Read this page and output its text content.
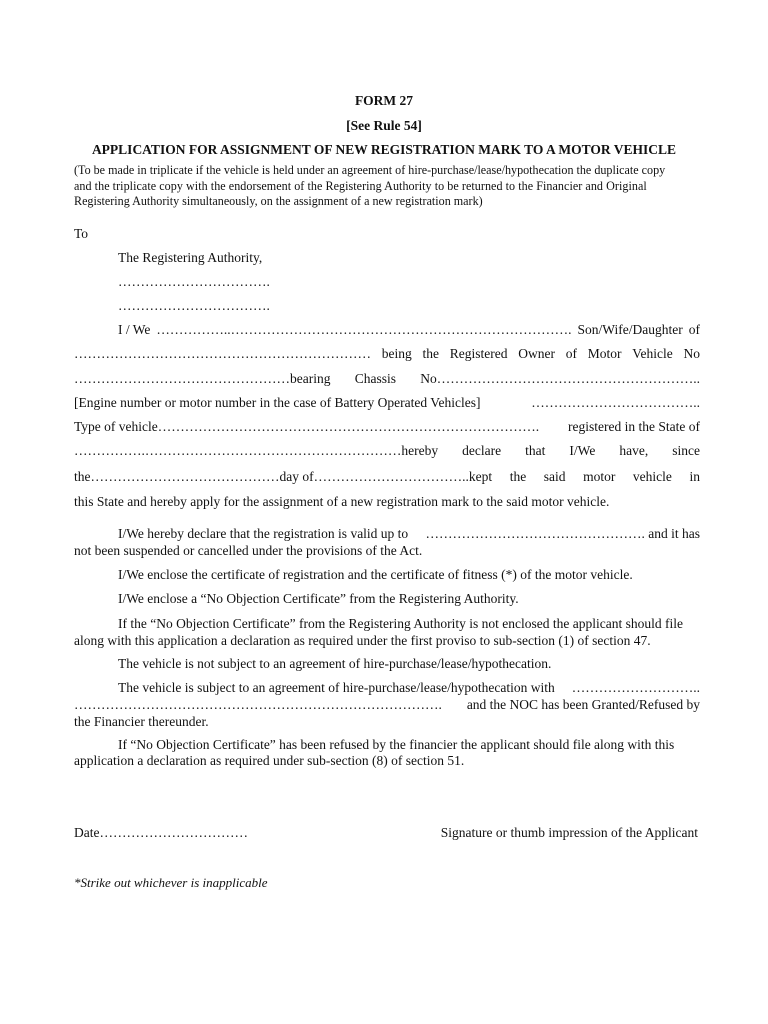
FORM 27
[See Rule 54]
APPLICATION FOR ASSIGNMENT OF NEW REGISTRATION MARK TO A MOTOR VEHICLE
(To be made in triplicate if the vehicle is held under an agreement of hire-purchase/lease/hypothecation the duplicate copy
and the triplicate copy with the endorsement of the Registering Authority to be returned to the Financier and Original
Registering Authority simultaneously, on the assignment of a new registration mark)
To
The Registering Authority,
…………………………….
…………………………….
I / We ……………..…………………………………………………………………. Son/Wife/Daughter of
………………………………………………………… being the Registered Owner of Motor Vehicle No
…………………………………………bearing Chassis No…………………………………………………..
[Engine number or motor number in the case of Battery Operated Vehicles]	………………………………..
Type of vehicle…………………………………………………………………………. registered in the State of
…………….…………………………………………………hereby declare that I/We have, since
the……………………………………day of……………………………..kept the said motor vehicle in
this State and hereby apply for the assignment of a new registration mark to the said motor vehicle.
I/We hereby declare that the registration is valid up to …………………………………………. and it has
not been suspended or cancelled under the provisions of the Act.
I/We enclose the certificate of registration and the certificate of fitness (*) of the motor vehicle.
I/We enclose a “No Objection Certificate” from the Registering Authority.
If the “No Objection Certificate” from the Registering Authority is not enclosed the applicant should file
along with this application a declaration as required under the first proviso to sub-section (1) of section 47.
The vehicle is not subject to an agreement of hire-purchase/lease/hypothecation.
The vehicle is subject to an agreement of hire-purchase/lease/hypothecation with ………………………..
………………………………………………………………………. and the NOC has been Granted/Refused by
the Financier thereunder.
If “No Objection Certificate” has been refused by the financier the applicant should file along with this
application a declaration as required under sub-section (8) of section 51.
Date……………………………	Signature or thumb impression of the Applicant
*Strike out whichever is inapplicable
